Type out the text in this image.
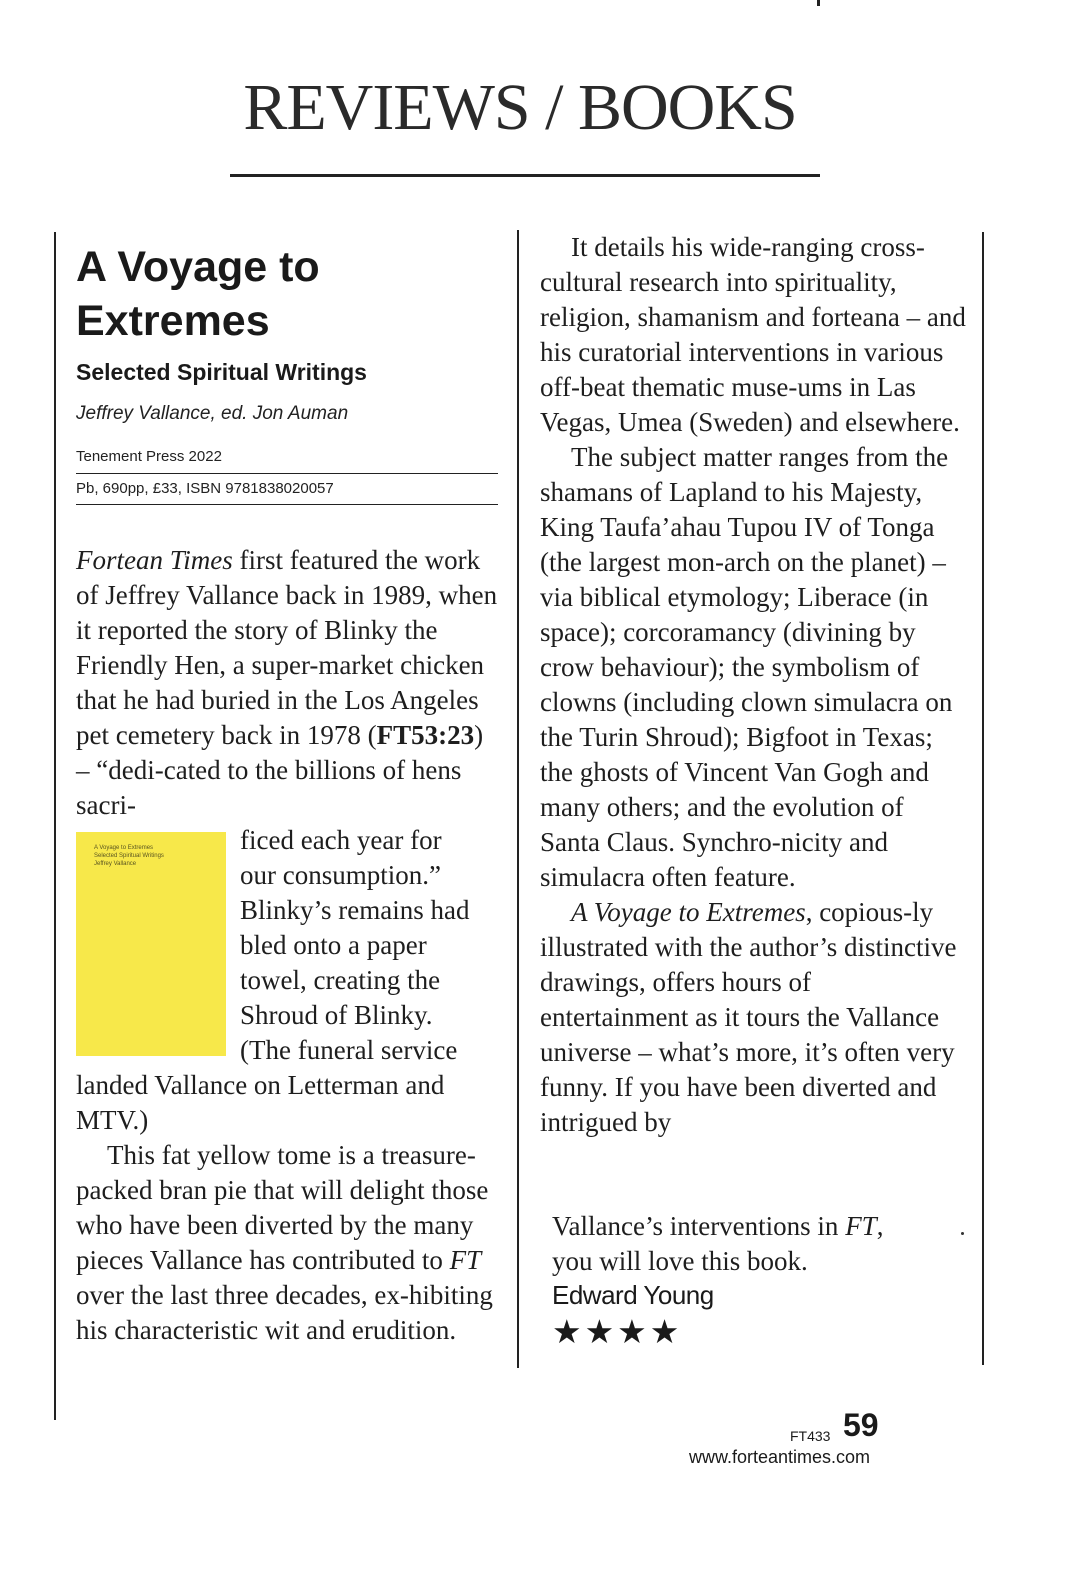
REVIEWS / BOOKS
A Voyage to
Extremes
Selected Spiritual Writings
Jeffrey Vallance, ed. Jon Auman
Tenement Press 2022
Pb, 690pp, £33, ISBN 9781838020057

Fortean Times first featured the work of Jeffrey Vallance back in 1989, when it reported the story of Blinky the Friendly Hen, a super-market chicken that he had buried in the Los Angeles pet cemetery back in 1978 (FT53:23) – “dedi-cated to the billions of hens sacri-

A Voyage to Extremes
Selected Spiritual Writings
Jeffrey Vallance
ficed each year for
our consumption.”
Blinky’s remains had
bled onto a paper
towel, creating the
Shroud of Blinky.
(The funeral service

landed Vallance on Letterman and MTV.)

This fat yellow tome is a treasure-packed bran pie that will delight those who have been diverted by the many pieces Vallance has contributed to FT over the last three decades, ex-hibiting his characteristic wit and erudition.

It details his wide-ranging cross-cultural research into spirituality, religion, shamanism and forteana – and his curatorial interventions in various off-beat thematic muse-ums in Las Vegas, Umea (Sweden) and elsewhere.

The subject matter ranges from the shamans of Lapland to his Majesty, King Taufa’ahau Tupou IV of Tonga (the largest mon-arch on the planet) – via biblical etymology; Liberace (in space); corcoramancy (divining by crow behaviour); the symbolism of clowns (including clown simulacra on the Turin Shroud); Bigfoot in Texas; the ghosts of Vincent Van Gogh and many others; and the evolution of Santa Claus. Synchro-nicity and simulacra often feature.

A Voyage to Extremes, copious-ly illustrated with the author’s distinctive drawings, offers hours of entertainment as it tours the Vallance universe – what’s more, it’s often very funny. If you have been diverted and intrigued by

Vallance’s interventions in FT,
you will love this book.
Edward Young
★★★★
FT433 59
www.forteantimes.com
